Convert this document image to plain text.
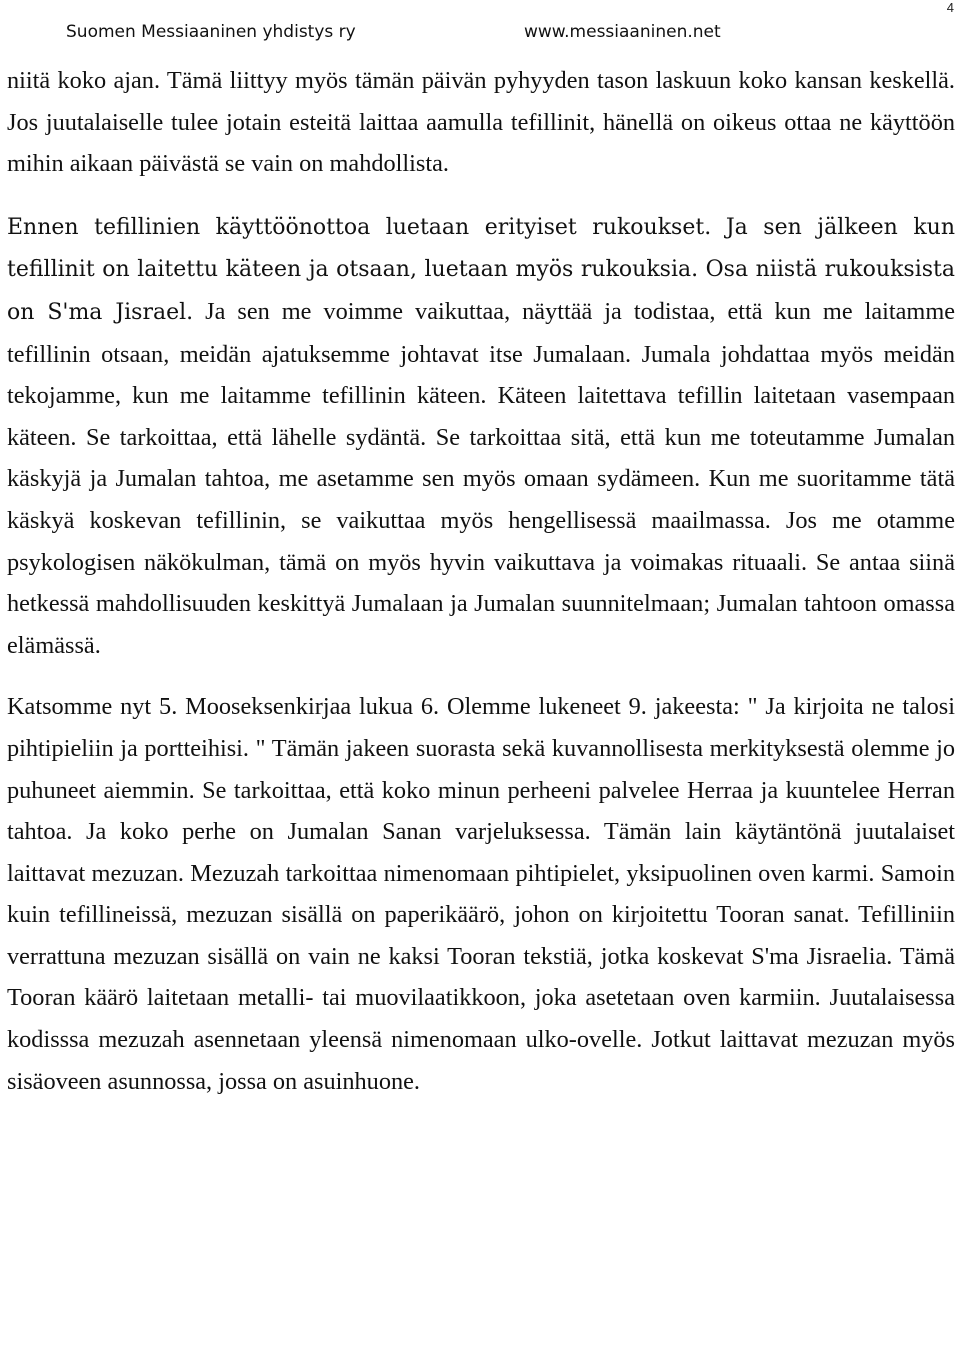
Suomen Messiaaninen yhdistys ry	www.messiaaninen.net
4

niitä koko ajan. Tämä liittyy myös tämän päivän pyhyyden tason laskuun koko kansan keskellä. Jos juutalaiselle tulee jotain esteitä laittaa aamulla tefillinit, hänellä on oikeus ottaa ne käyttöön mihin aikaan päivästä se vain on mahdollista.

Ennen tefillinien käyttöönottoa luetaan erityiset rukoukset. Ja sen jälkeen kun tefillinit on laitettu käteen ja otsaan, luetaan myös rukouksia. Osa niistä rukouksista on S'ma Jisrael. Ja sen me voimme vaikuttaa, näyttää ja todistaa, että kun me laitamme tefillinin otsaan, meidän ajatuksemme johtavat itse Jumalaan. Jumala johdattaa myös meidän tekojamme, kun me laitamme tefillinin käteen. Käteen laitettava tefillin laitetaan vasempaan käteen. Se tarkoittaa, että lähelle sydäntä. Se tarkoittaa sitä, että kun me toteutamme Jumalan käskyjä ja Jumalan tahtoa, me asetamme sen myös omaan sydämeen. Kun me suoritamme tätä käskyä koskevan tefillinin, se vaikuttaa myös hengellisessä maailmassa. Jos me otamme psykologisen näkökulman, tämä on myös hyvin vaikuttava ja voimakas rituaali. Se antaa siinä hetkessä mahdollisuuden keskittyä Jumalaan ja Jumalan suunnitelmaan; Jumalan tahtoon omassa elämässä.

Katsomme nyt 5. Mooseksenkirjaa lukua 6. Olemme lukeneet 9. jakeesta: " Ja kirjoita ne talosi pihtipieliin ja portteihisi. " Tämän jakeen suorasta sekä kuvannollisesta merkityksestä olemme jo puhuneet aiemmin. Se tarkoittaa, että koko minun perheeni palvelee Herraa ja kuuntelee Herran tahtoa. Ja koko perhe on Jumalan Sanan varjeluksessa. Tämän lain käytäntönä juutalaiset laittavat mezuzan. Mezuzah tarkoittaa nimenomaan pihtipielet, yksipuolinen oven karmi. Samoin kuin tefillineissä, mezuzan sisällä on paperikäärö, johon on kirjoitettu Tooran sanat. Tefilliniin verrattuna mezuzan sisällä on vain ne kaksi Tooran tekstiä, jotka koskevat S'ma Jisraelia. Tämä Tooran käärö laitetaan metalli- tai muovilaatikkoon, joka asetetaan oven karmiin. Juutalaisessa kodisssa mezuzah asennetaan yleensä nimenomaan ulko-ovelle. Jotkut laittavat mezuzan myös sisäoveen asunnossa, jossa on asuinhuone.
